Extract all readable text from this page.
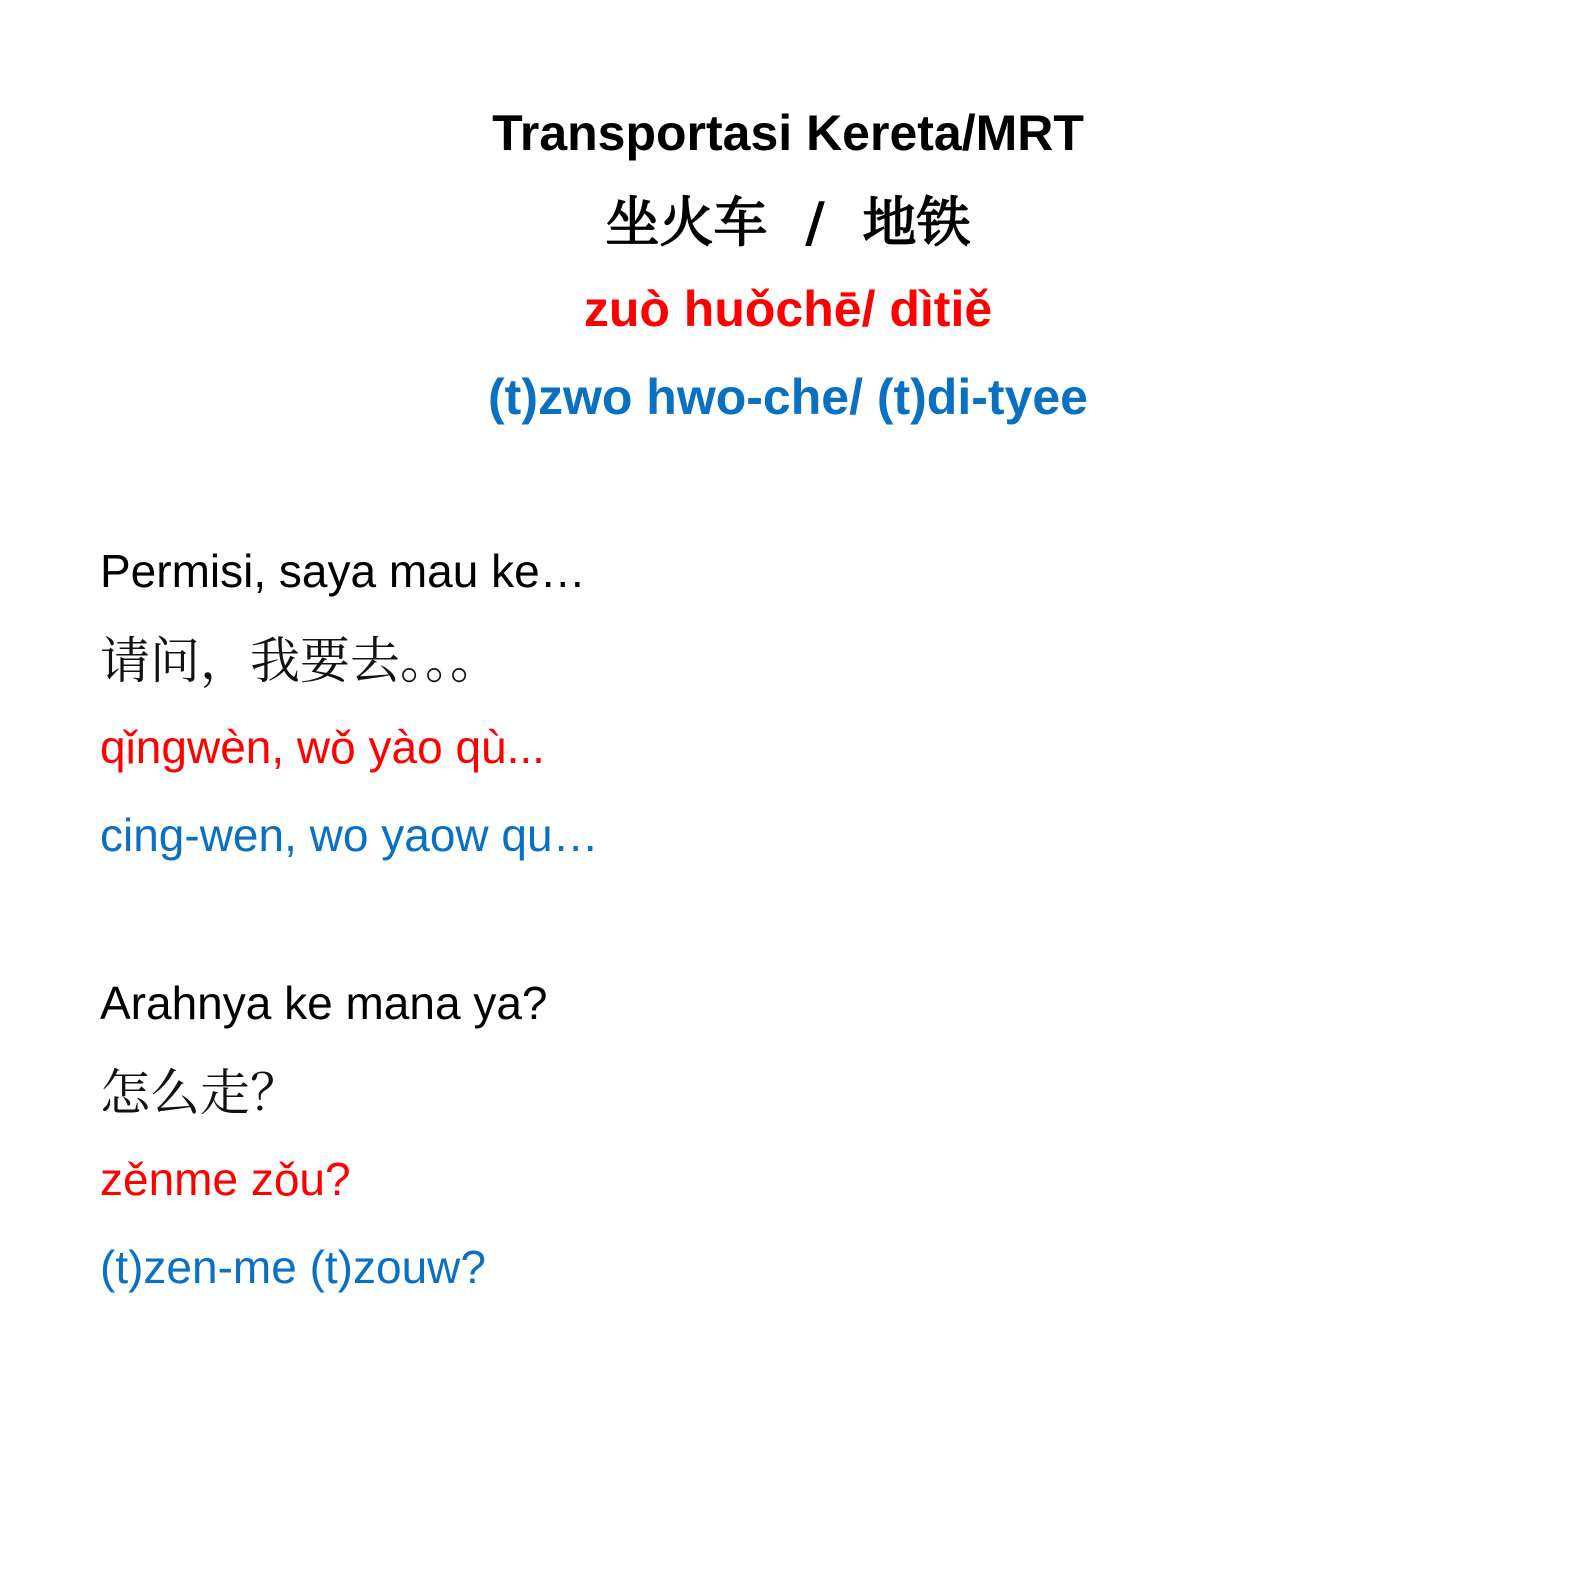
Transportasi Kereta/MRT
坐火车  /  地铁
zuò huǒchē/ dìtiě
(t)zwo hwo-che/ (t)di-tyee
Permisi, saya mau ke…
请问，我要去。。。
qǐngwèn, wǒ yào qù...
cing-wen, wo yaow qu…
Arahnya ke mana ya?
怎么走？
zěnme zǒu?
(t)zen-me (t)zouw?
